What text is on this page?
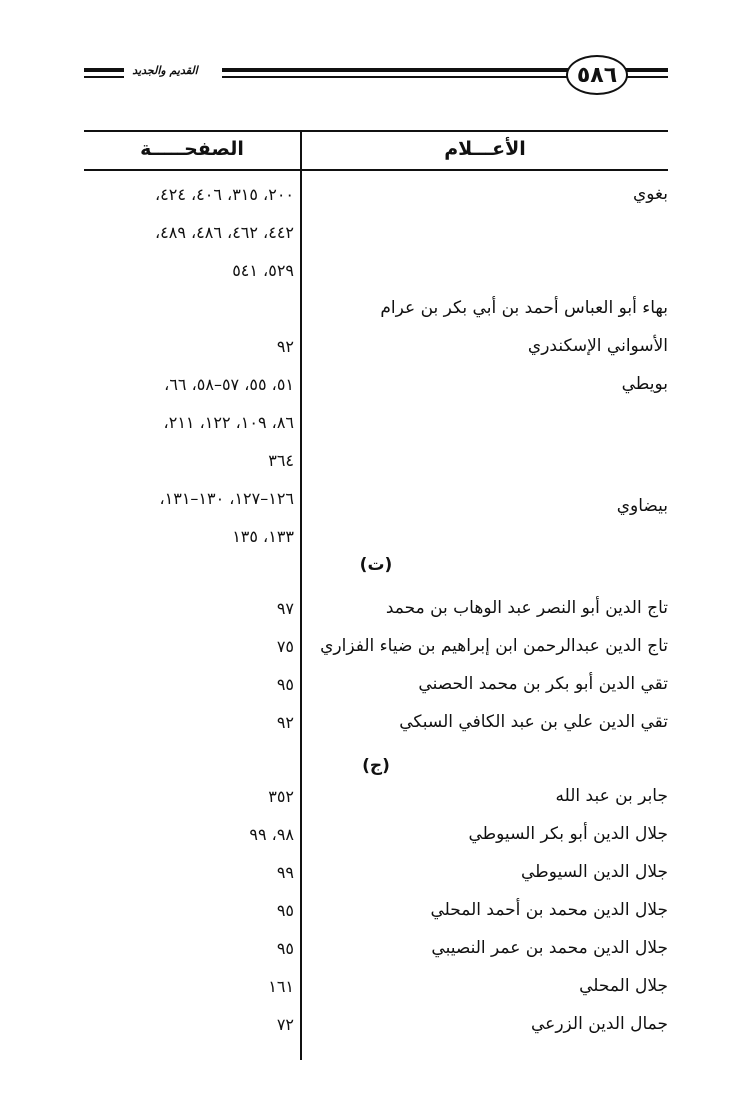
القديم والجديد	٥٨٦
الأعـــلام
الصفحـــــة
بغوي
٢٠٠، ٣١٥، ٤٠٦، ٤٢٤،
٤٤٢، ٤٦٢، ٤٨٦، ٤٨٩،
٥٢٩، ٥٤١
بهاء أبو العباس أحمد بن أبي بكر بن عرام
الأسواني الإسكندري
٩٢
بويطي
٥١، ٥٥، ٥٧–٥٨، ٦٦،
٨٦، ١٠٩، ١٢٢، ٢١١،
٣٦٤
بيضاوي
١٢٦–١٢٧، ١٣٠–١٣١،
١٣٣، ١٣٥
(ت)
تاج الدين أبو النصر عبد الوهاب بن محمد
٩٧
تاج الدين عبدالرحمن ابن إبراهيم بن ضياء الفزاري
٧٥
تقي الدين أبو بكر بن محمد الحصني
٩٥
تقي الدين علي بن عبد الكافي السبكي
٩٢
(ج)
جابر بن عبد الله
٣٥٢
جلال الدين أبو بكر السيوطي
٩٨، ٩٩
جلال الدين السيوطي
٩٩
جلال الدين محمد بن أحمد المحلي
٩٥
جلال الدين محمد بن عمر النصيبي
٩٥
جلال المحلي
١٦١
جمال الدين الزرعي
٧٢
